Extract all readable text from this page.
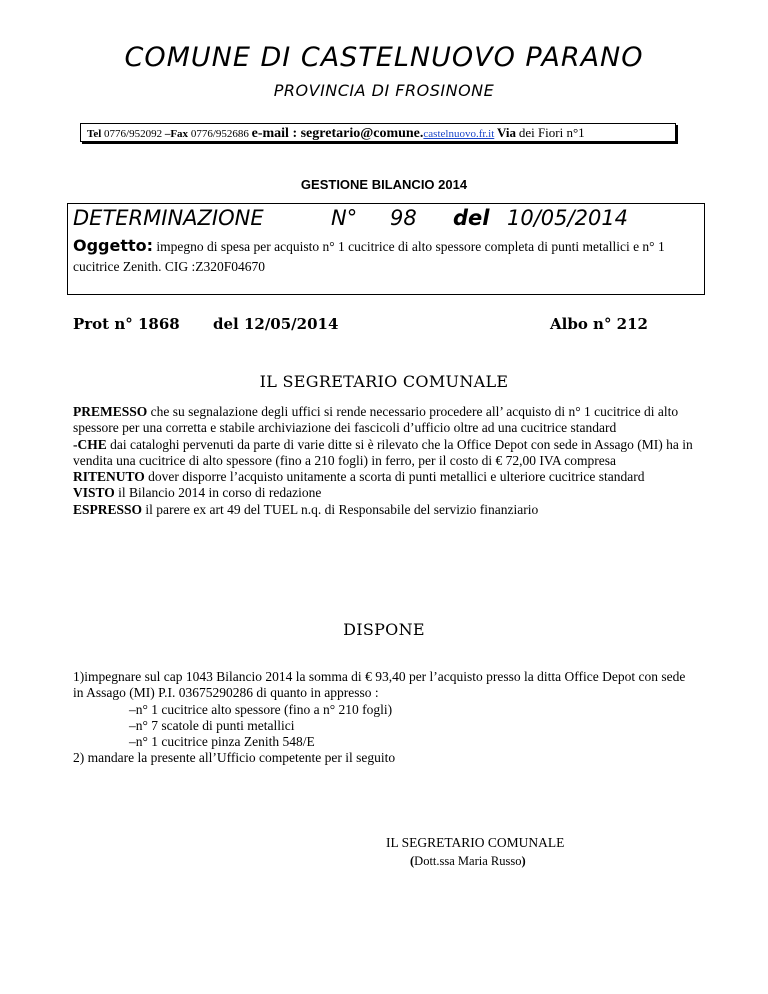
COMUNE DI CASTELNUOVO PARANO
PROVINCIA DI FROSINONE
Tel 0776/952092 –Fax 0776/952686 e-mail : segretario@comune.castelnuovo.fr.it Via dei Fiori n°1
GESTIONE BILANCIO 2014
DETERMINAZIONE	N° 98 del 10/05/2014
Oggetto: impegno di spesa per acquisto n° 1 cucitrice di alto spessore completa di punti metallici e n° 1 cucitrice Zenith. CIG :Z320F04670
Prot n° 1868 del 12/05/2014	Albo n° 212
IL SEGRETARIO COMUNALE

PREMESSO che su segnalazione degli uffici si rende necessario procedere all’ acquisto di n° 1 cucitrice di alto spessore per una corretta e stabile archiviazione dei fascicoli d’ufficio oltre ad una cucitrice standard

-CHE dai cataloghi pervenuti da parte di varie ditte si è rilevato che la Office Depot con sede in Assago (MI) ha in vendita una cucitrice di alto spessore (fino a 210 fogli) in ferro, per il costo di € 72,00 IVA compresa

RITENUTO dover disporre l’acquisto unitamente a scorta di punti metallici e ulteriore cucitrice standard

VISTO il Bilancio 2014 in corso di redazione

ESPRESSO il parere ex art 49 del TUEL n.q. di Responsabile del servizio finanziario

DISPONE

1)impegnare sul cap 1043 Bilancio 2014 la somma di € 93,40 per l’acquisto presso la ditta Office Depot con sede in Assago (MI) P.I. 03675290286 di quanto in appresso :

–n° 1 cucitrice alto spessore (fino a n° 210 fogli)

–n° 7 scatole di punti metallici

–n° 1 cucitrice pinza Zenith 548/E

2) mandare la presente all’Ufficio competente per il seguito

IL SEGRETARIO COMUNALE
(Dott.ssa Maria Russo)
